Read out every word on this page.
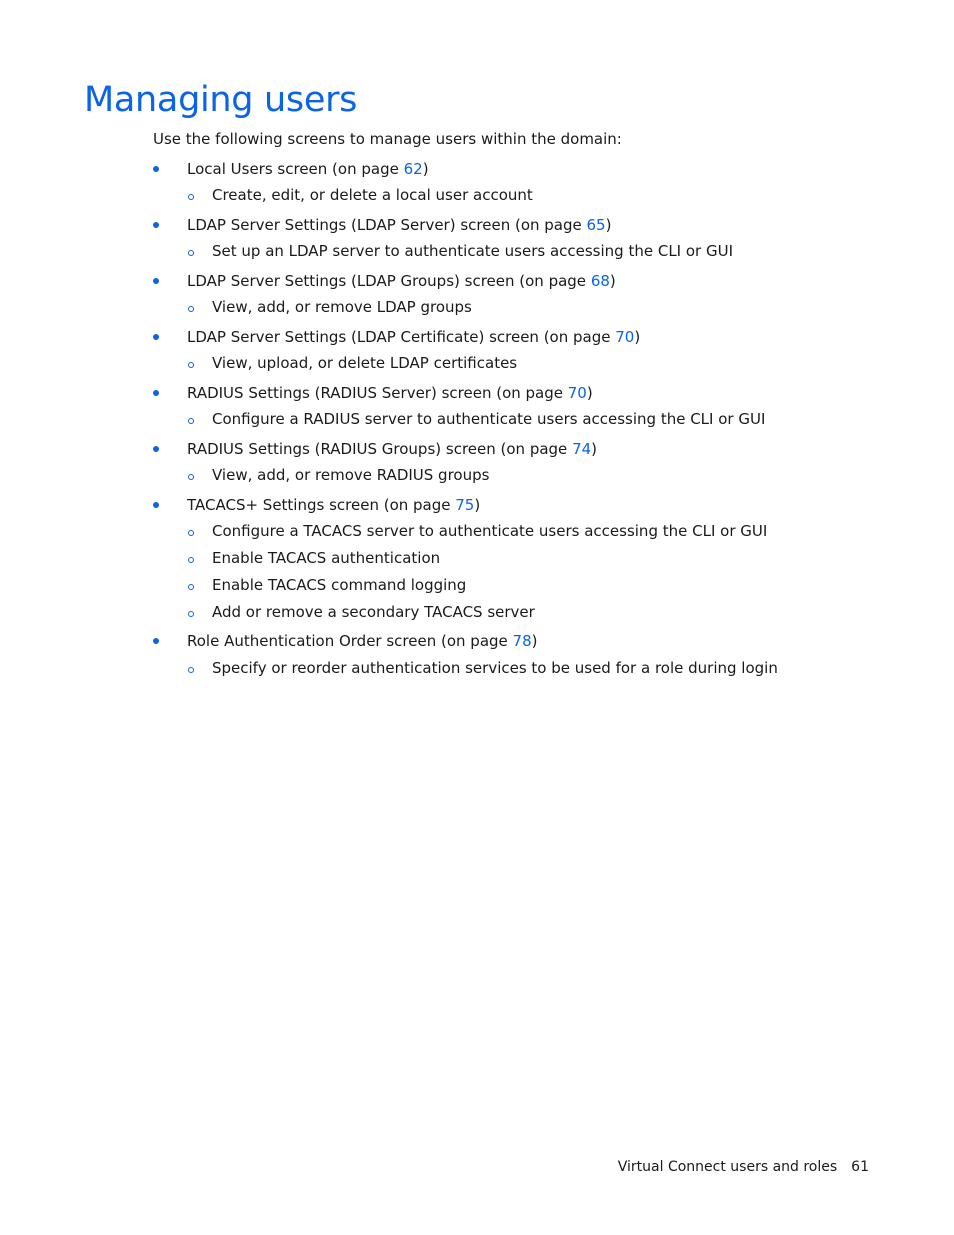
Managing users

Use the following screens to manage users within the domain:

Local Users screen (on page 62)
Create, edit, or delete a local user account
LDAP Server Settings (LDAP Server) screen (on page 65)
Set up an LDAP server to authenticate users accessing the CLI or GUI
LDAP Server Settings (LDAP Groups) screen (on page 68)
View, add, or remove LDAP groups
LDAP Server Settings (LDAP Certificate) screen (on page 70)
View, upload, or delete LDAP certificates
RADIUS Settings (RADIUS Server) screen (on page 70)
Configure a RADIUS server to authenticate users accessing the CLI or GUI
RADIUS Settings (RADIUS Groups) screen (on page 74)
View, add, or remove RADIUS groups
TACACS+ Settings screen (on page 75)
Configure a TACACS server to authenticate users accessing the CLI or GUI
Enable TACACS authentication
Enable TACACS command logging
Add or remove a secondary TACACS server
Role Authentication Order screen (on page 78)
Specify or reorder authentication services to be used for a role during login
Virtual Connect users and roles 61
